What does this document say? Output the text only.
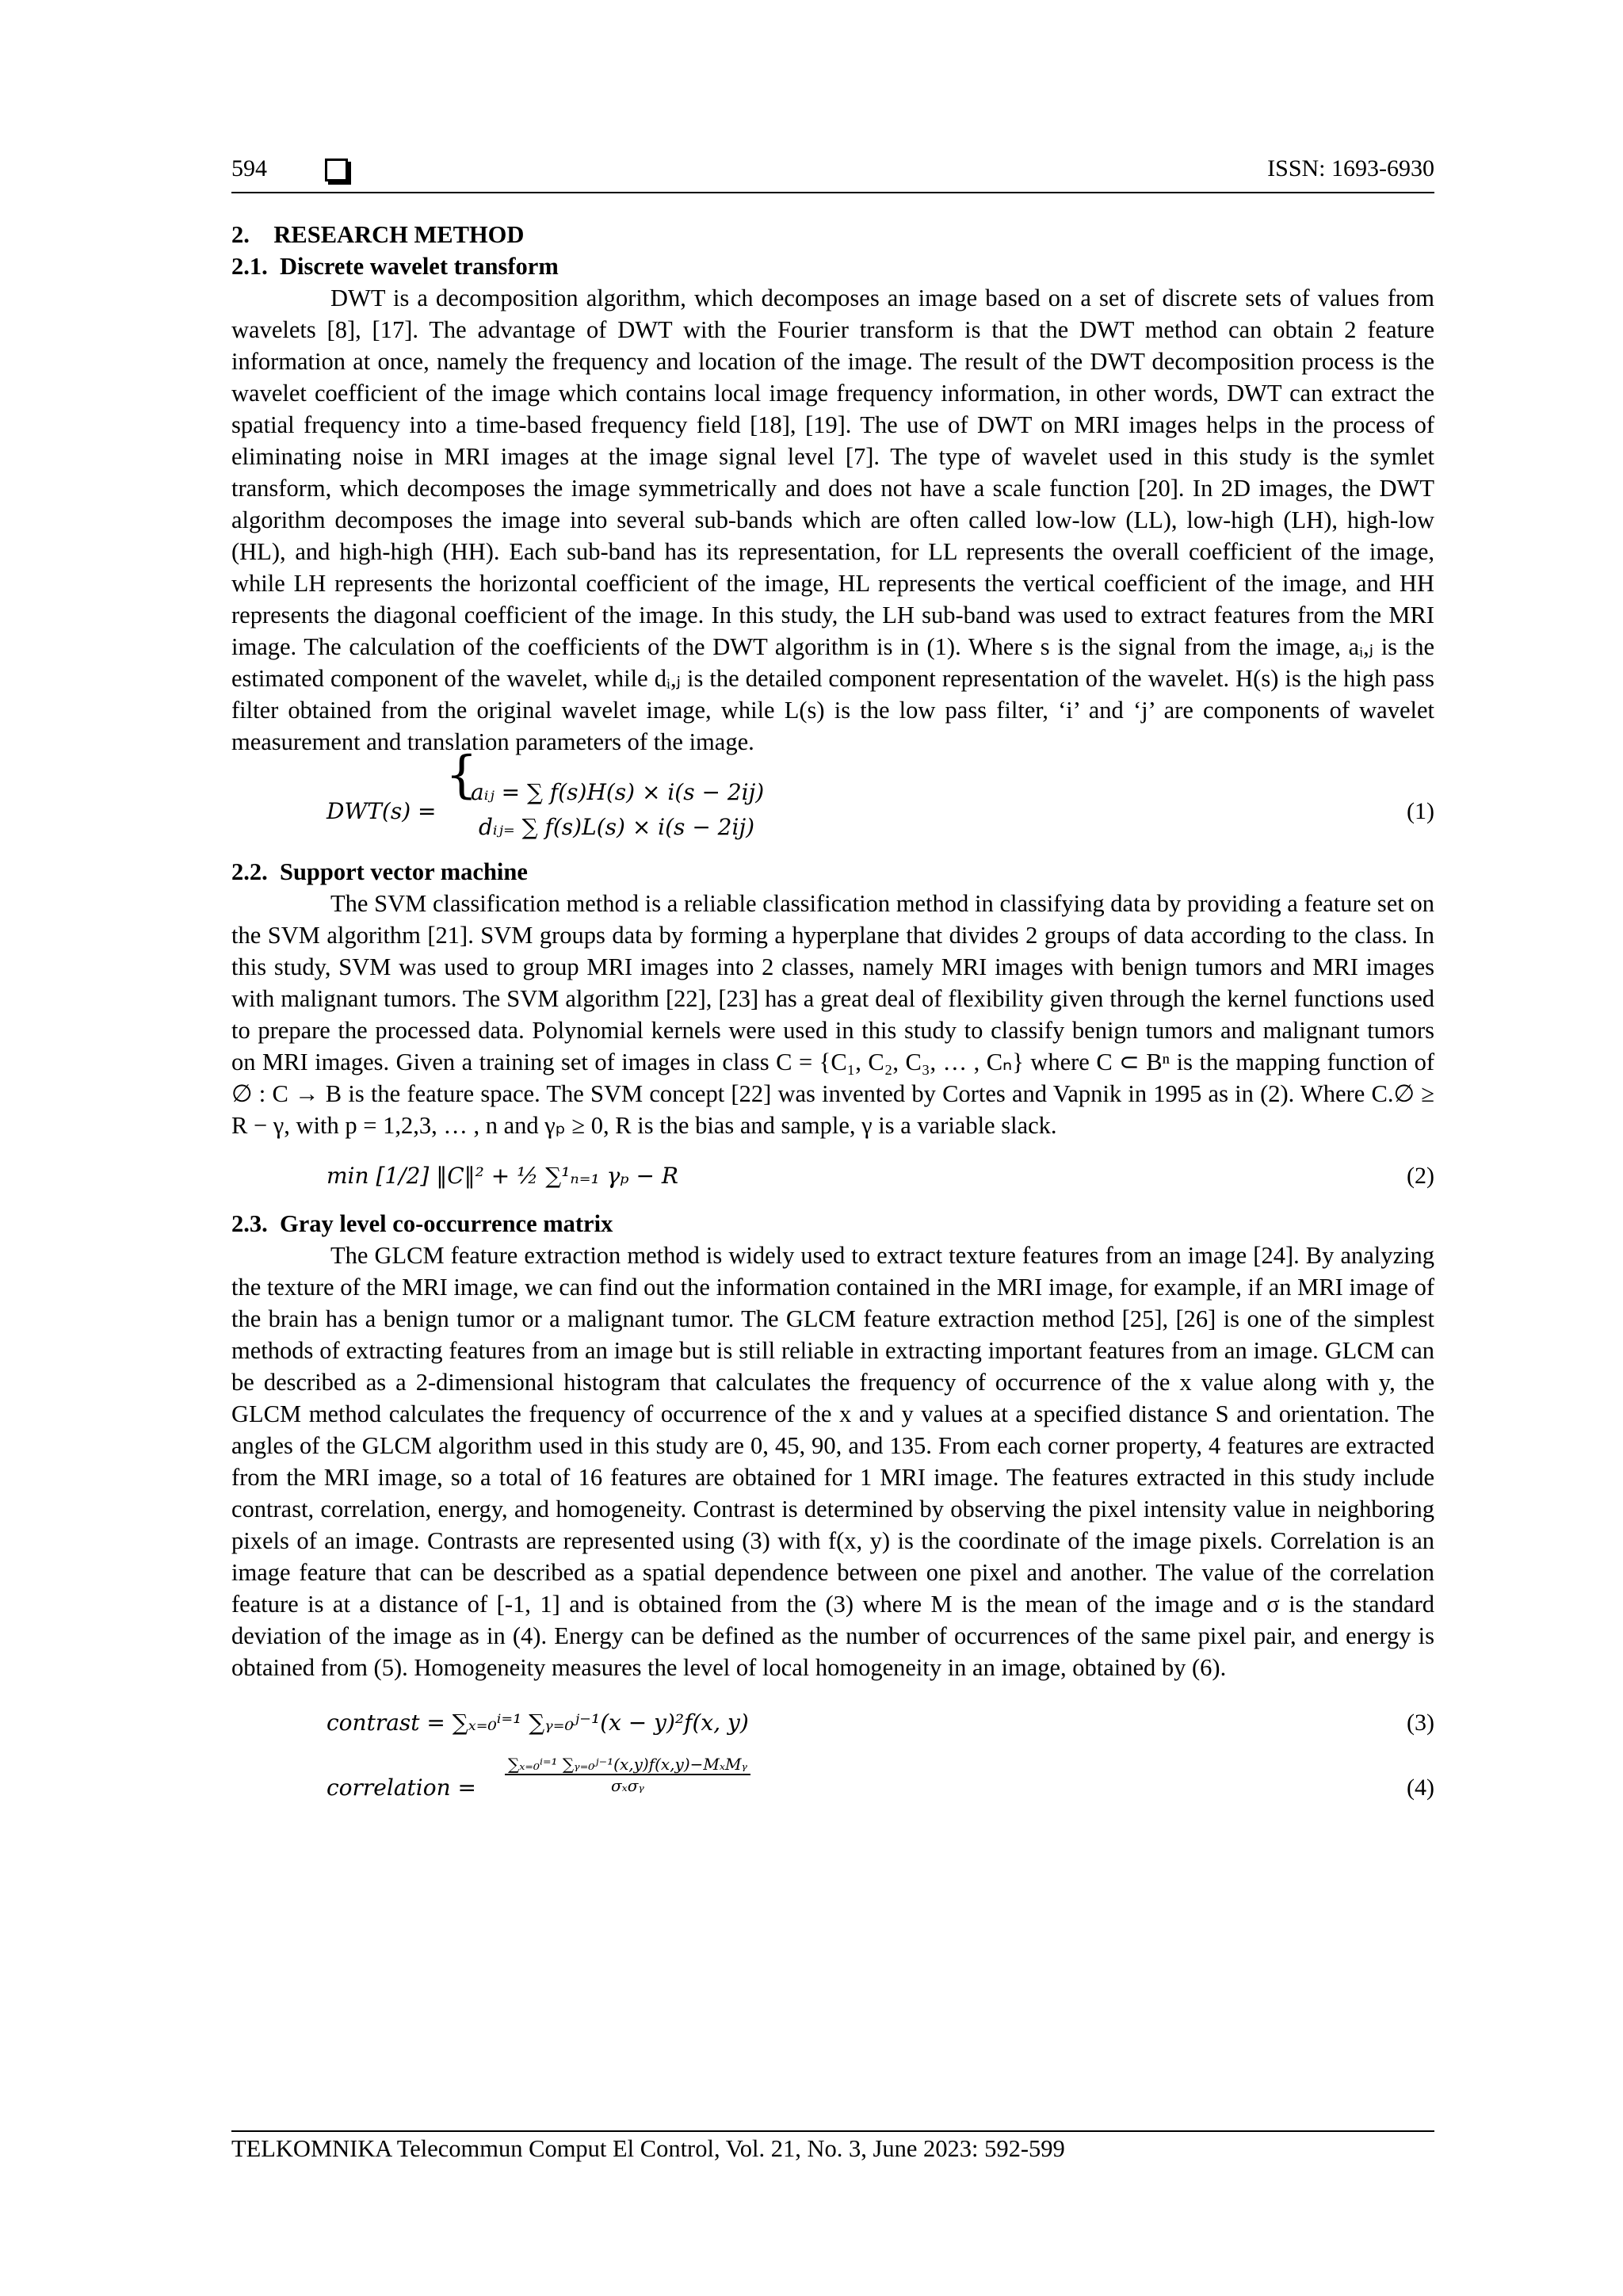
594	ISSN: 1693-6930
2.    RESEARCH METHOD
2.1.  Discrete wavelet transform

DWT is a decomposition algorithm, which decomposes an image based on a set of discrete sets of values from wavelets [8], [17]. The advantage of DWT with the Fourier transform is that the DWT method can obtain 2 feature information at once, namely the frequency and location of the image. The result of the DWT decomposition process is the wavelet coefficient of the image which contains local image frequency information, in other words, DWT can extract the spatial frequency into a time-based frequency field [18], [19]. The use of DWT on MRI images helps in the process of eliminating noise in MRI images at the image signal level [7]. The type of wavelet used in this study is the symlet transform, which decomposes the image symmetrically and does not have a scale function [20]. In 2D images, the DWT algorithm decomposes the image into several sub-bands which are often called low-low (LL), low-high (LH), high-low (HL), and high-high (HH). Each sub-band has its representation, for LL represents the overall coefficient of the image, while LH represents the horizontal coefficient of the image, HL represents the vertical coefficient of the image, and HH represents the diagonal coefficient of the image. In this study, the LH sub-band was used to extract features from the MRI image. The calculation of the coefficients of the DWT algorithm is in (1). Where s is the signal from the image, aᵢ,ⱼ is the estimated component of the wavelet, while dᵢ,ⱼ is the detailed component representation of the wavelet. H(s) is the high pass filter obtained from the original wavelet image, while L(s) is the low pass filter, ‘i’ and ‘j’ are components of wavelet measurement and translation parameters of the image.

DWT(s) =
{
aᵢⱼ = ∑ f(s)H(s) × i(s − 2ij)
dᵢⱼ₌ ∑ f(s)L(s) × i(s − 2ij)
(1)
2.2.  Support vector machine

The SVM classification method is a reliable classification method in classifying data by providing a feature set on the SVM algorithm [21]. SVM groups data by forming a hyperplane that divides 2 groups of data according to the class. In this study, SVM was used to group MRI images into 2 classes, namely MRI images with benign tumors and MRI images with malignant tumors. The SVM algorithm [22], [23] has a great deal of flexibility given through the kernel functions used to prepare the processed data. Polynomial kernels were used in this study to classify benign tumors and malignant tumors on MRI images. Given a training set of images in class C = {C₁, C₂, C₃, … , Cₙ} where C ⊂ Bⁿ is the mapping function of ∅ : C → B is the feature space. The SVM concept [22] was invented by Cortes and Vapnik in 1995 as in (2). Where C.∅ ≥ R − γ, with p = 1,2,3, … , n and γₚ ≥ 0, R is the bias and sample, γ is a variable slack.

min [1/2] ‖C‖² + ½ ∑¹ₙ₌₁ γₚ − R	(2)
2.3.  Gray level co-occurrence matrix

The GLCM feature extraction method is widely used to extract texture features from an image [24]. By analyzing the texture of the MRI image, we can find out the information contained in the MRI image, for example, if an MRI image of the brain has a benign tumor or a malignant tumor. The GLCM feature extraction method [25], [26] is one of the simplest methods of extracting features from an image but is still reliable in extracting important features from an image. GLCM can be described as a 2-dimensional histogram that calculates the frequency of occurrence of the x value along with y, the GLCM method calculates the frequency of occurrence of the x and y values at a specified distance S and orientation. The angles of the GLCM algorithm used in this study are 0, 45, 90, and 135. From each corner property, 4 features are extracted from the MRI image, so a total of 16 features are obtained for 1 MRI image. The features extracted in this study include contrast, correlation, energy, and homogeneity. Contrast is determined by observing the pixel intensity value in neighboring pixels of an image. Contrasts are represented using (3) with f(x, y) is the coordinate of the image pixels. Correlation is an image feature that can be described as a spatial dependence between one pixel and another. The value of the correlation feature is at a distance of [-1, 1] and is obtained from the (3) where M is the mean of the image and σ is the standard deviation of the image as in (4). Energy can be defined as the number of occurrences of the same pixel pair, and energy is obtained from (5). Homogeneity measures the level of local homogeneity in an image, obtained by (6).

contrast = ∑ₓ₌₀ⁱ⁼¹ ∑ᵧ₌₀ʲ⁻¹(x − y)²f(x, y)	(3)
correlation =
∑ₓ₌₀ⁱ⁼¹ ∑ᵧ₌₀ʲ⁻¹(x,y)f(x,y)−MₓMᵧ
σₓσᵧ	(4)
TELKOMNIKA Telecommun Comput El Control, Vol. 21, No. 3, June 2023: 592-599
